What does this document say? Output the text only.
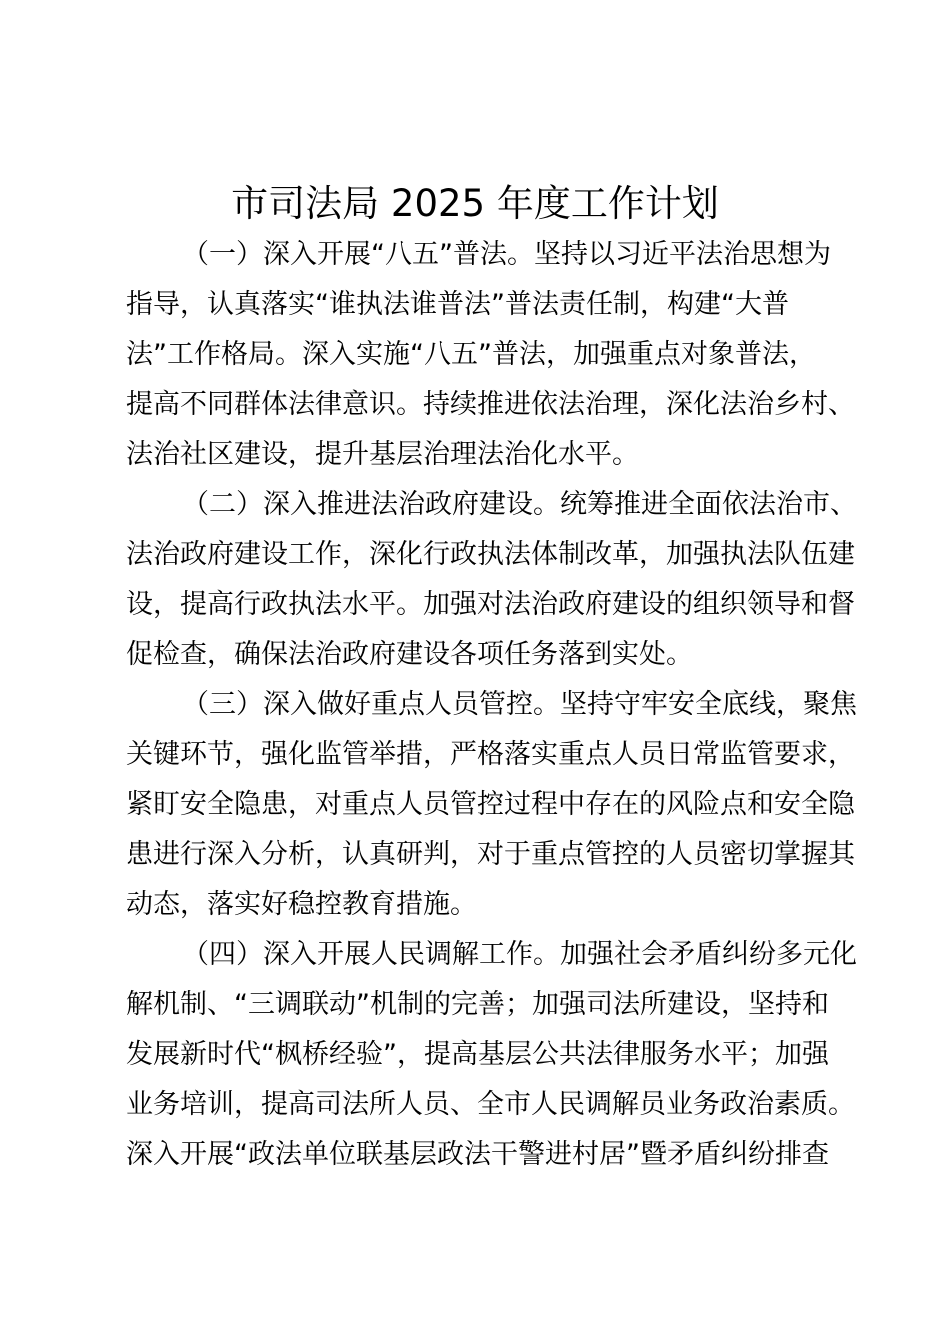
市司法局 2025 年度工作计划
（一）深入开展“八五”普法。坚持以习近平法治思想为
指导，认真落实“谁执法谁普法”普法责任制，构建“大普
法”工作格局。深入实施“八五”普法，加强重点对象普法，
提高不同群体法律意识。持续推进依法治理，深化法治乡村、
法治社区建设，提升基层治理法治化水平。
（二）深入推进法治政府建设。统筹推进全面依法治市、
法治政府建设工作，深化行政执法体制改革，加强执法队伍建
设，提高行政执法水平。加强对法治政府建设的组织领导和督
促检查，确保法治政府建设各项任务落到实处。
（三）深入做好重点人员管控。坚持守牢安全底线，聚焦
关键环节，强化监管举措，严格落实重点人员日常监管要求，
紧盯安全隐患，对重点人员管控过程中存在的风险点和安全隐
患进行深入分析，认真研判，对于重点管控的人员密切掌握其
动态，落实好稳控教育措施。
（四）深入开展人民调解工作。加强社会矛盾纠纷多元化
解机制、“三调联动”机制的完善；加强司法所建设，坚持和
发展新时代“枫桥经验”，提高基层公共法律服务水平；加强
业务培训，提高司法所人员、全市人民调解员业务政治素质。
深入开展“政法单位联基层政法干警进村居”暨矛盾纠纷排查
